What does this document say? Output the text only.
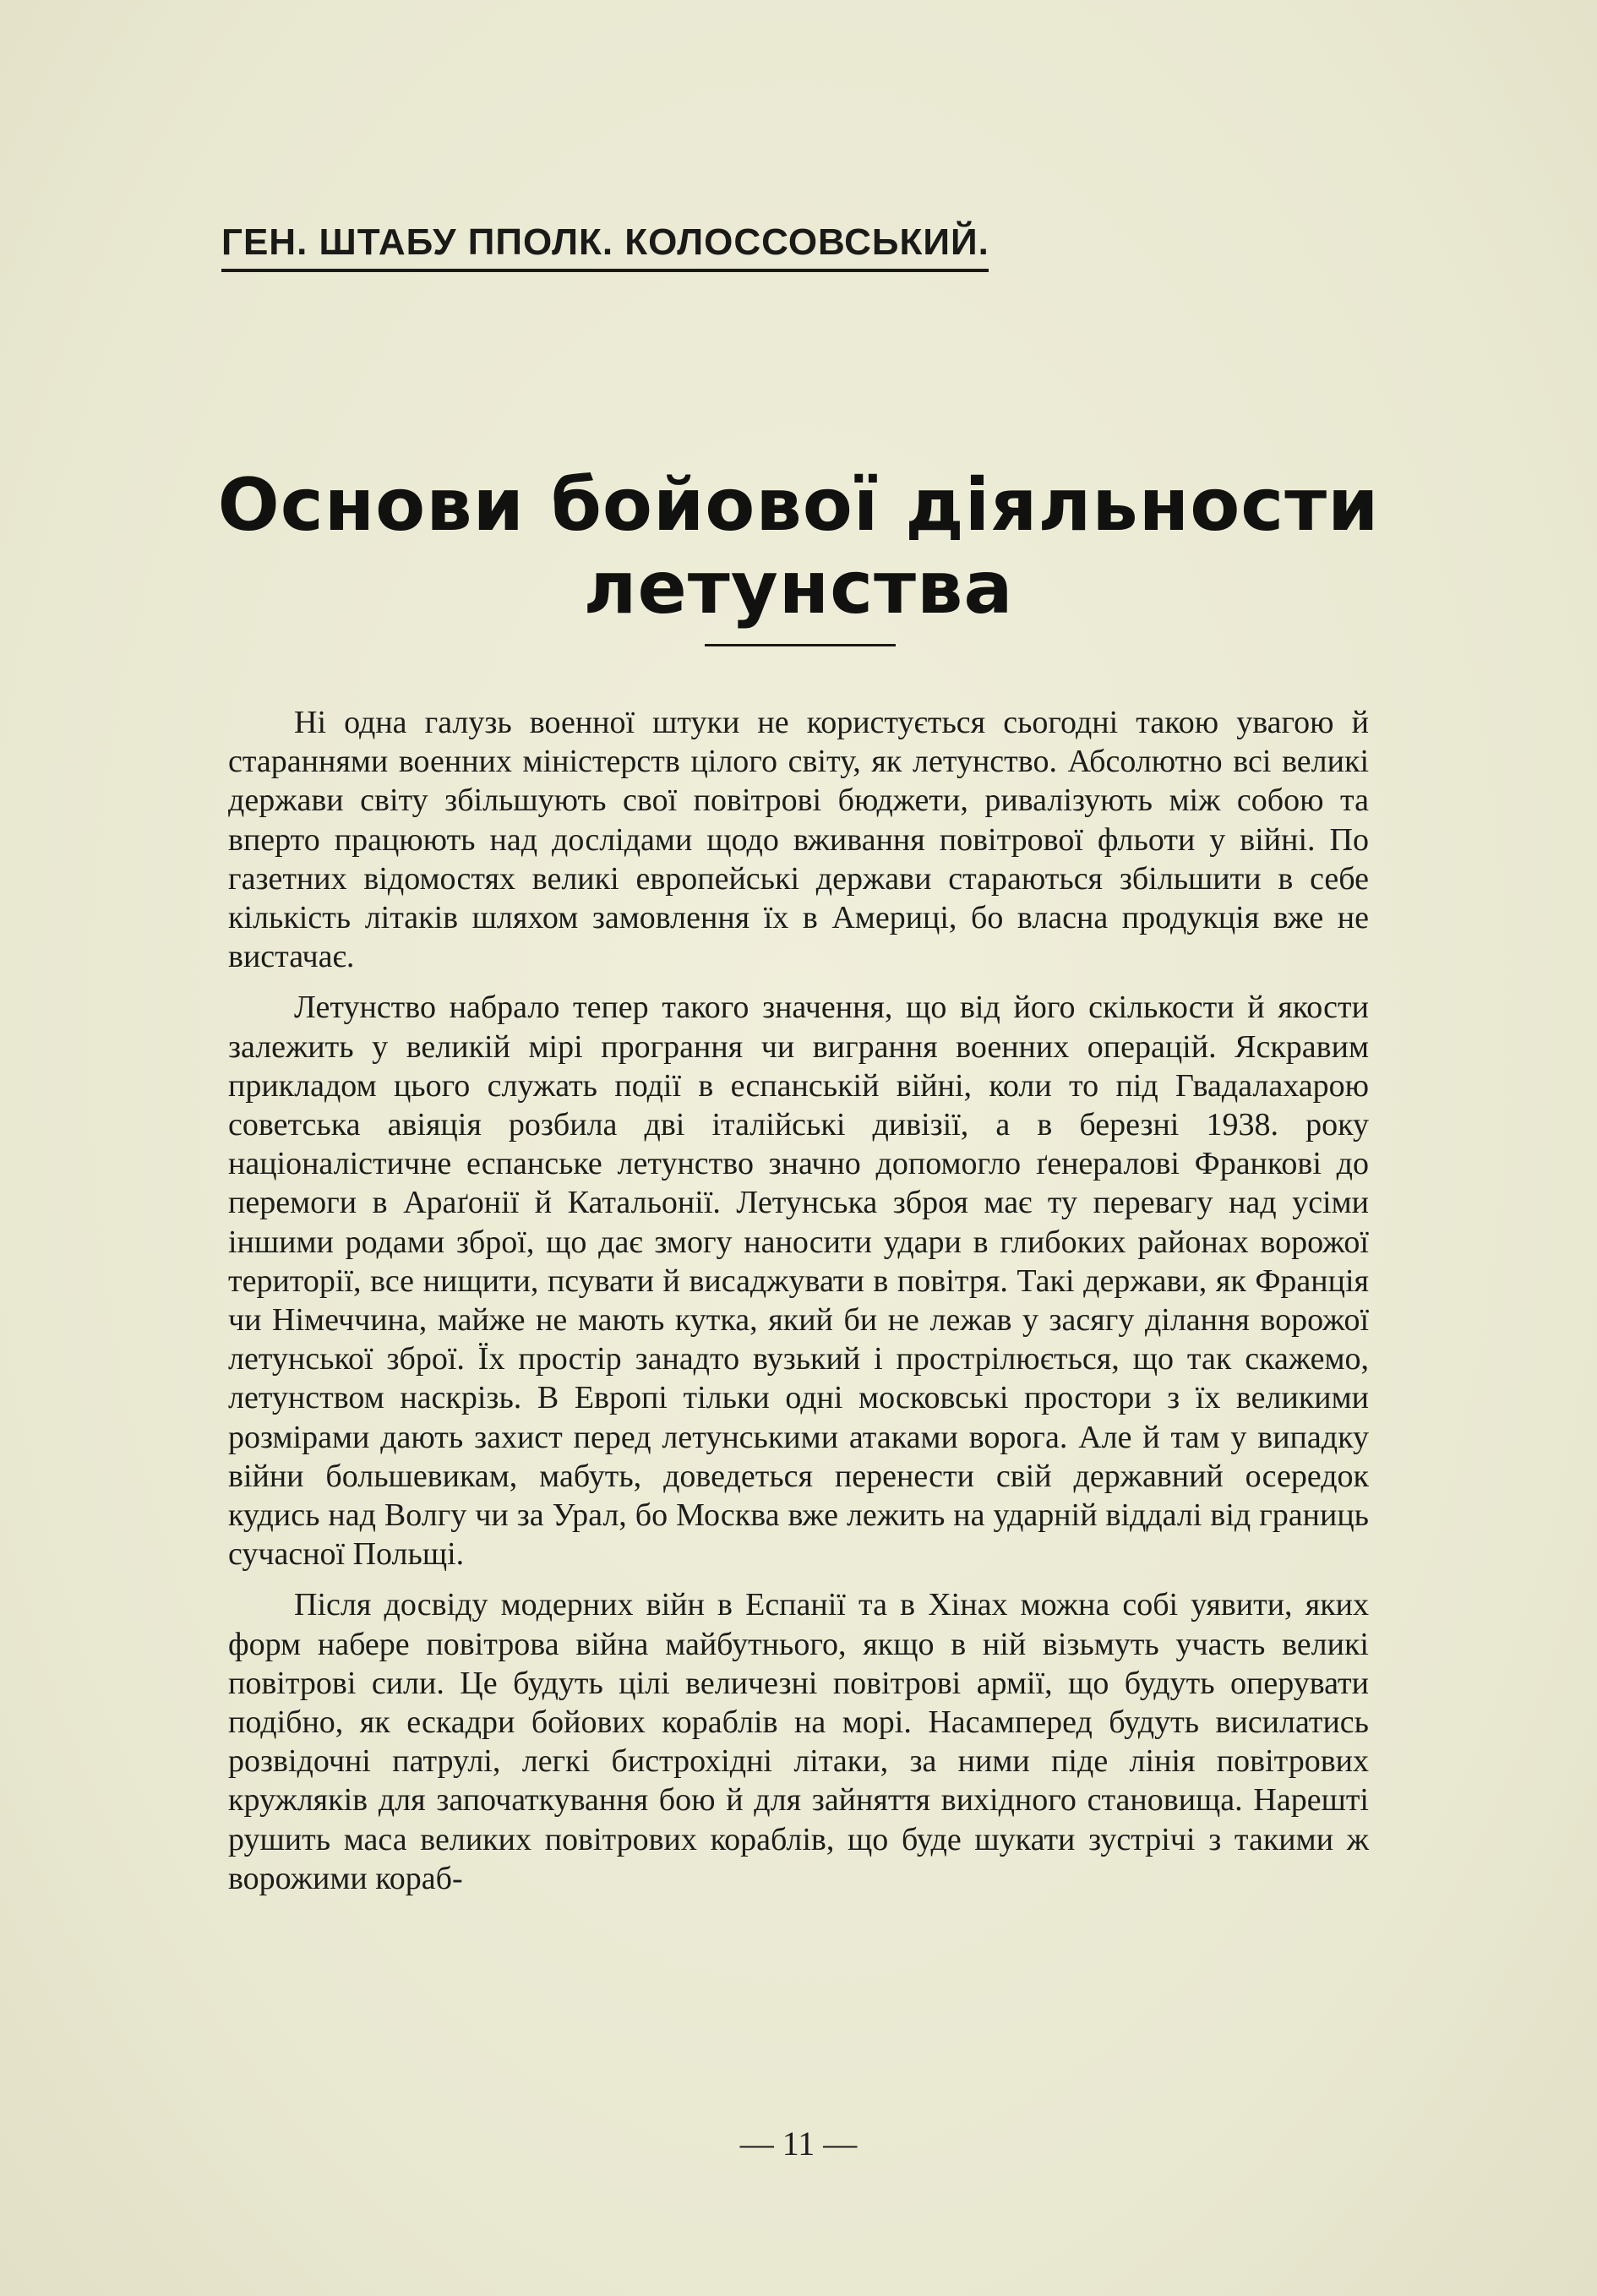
ГЕН. ШТАБУ ППОЛК. КОЛОССОВСЬКИЙ.
Основи бойової діяльности
летунства

Ні одна галузь военної штуки не користується сьогодні такою увагою й стараннями военних міністерств цілого світу, як летунство. Абсолютно всі великі держави світу збільшують свої повітрові бюджети, ривалізують між собою та вперто працюють над дослідами щодо вживання повітрової фльоти у війні. По газетних відомостях великі европейські держави стараються збільшити в себе кількість літаків шляхом замовлення їх в Америці, бо власна продукція вже не вистачає.

Летунство набрало тепер такого значення, що від його скількости й якости залежить у великій мірі програння чи виграння военних операцій. Яскравим прикладом цього служать події в еспанській війні, коли то під Гвадалахарою советська авіяція розбила дві італійські дивізії, а в березні 1938. року націоналістичне еспанське летунство значно допомогло ґенералові Франкові до перемоги в Араґонії й Катальонії. Летунська зброя має ту перевагу над усіми іншими родами зброї, що дає змогу наносити удари в глибоких районах ворожої території, все нищити, псувати й висаджувати в повітря. Такі держави, як Франція чи Німеччина, майже не мають кутка, який би не лежав у засягу ділання ворожої летунської зброї. Їх простір занадто вузький і прострілюється, що так скажемо, летунством наскрізь. В Европі тільки одні московські простори з їх великими розмірами дають захист перед летунськими атаками ворога. Але й там у випадку війни большевикам, мабуть, доведеться перенести свій державний осередок кудись над Волгу чи за Урал, бо Москва вже лежить на ударній віддалі від границь сучасної Польщі.

Після досвіду модерних війн в Еспанії та в Хінах можна собі уявити, яких форм набере повітрова війна майбутнього, якщо в ній візьмуть участь великі повітрові сили. Це будуть цілі величезні повітрові армії, що будуть оперувати подібно, як ескадри бойових кораблів на морі. Насамперед будуть висилатись розвідочні патрулі, легкі бистрохідні літаки, за ними піде лінія повітрових кружляків для започаткування бою й для зайняття вихідного становища. Нарешті рушить маса великих повітрових кораблів, що буде шукати зустрічі з такими ж ворожими кораб-

— 11 —
